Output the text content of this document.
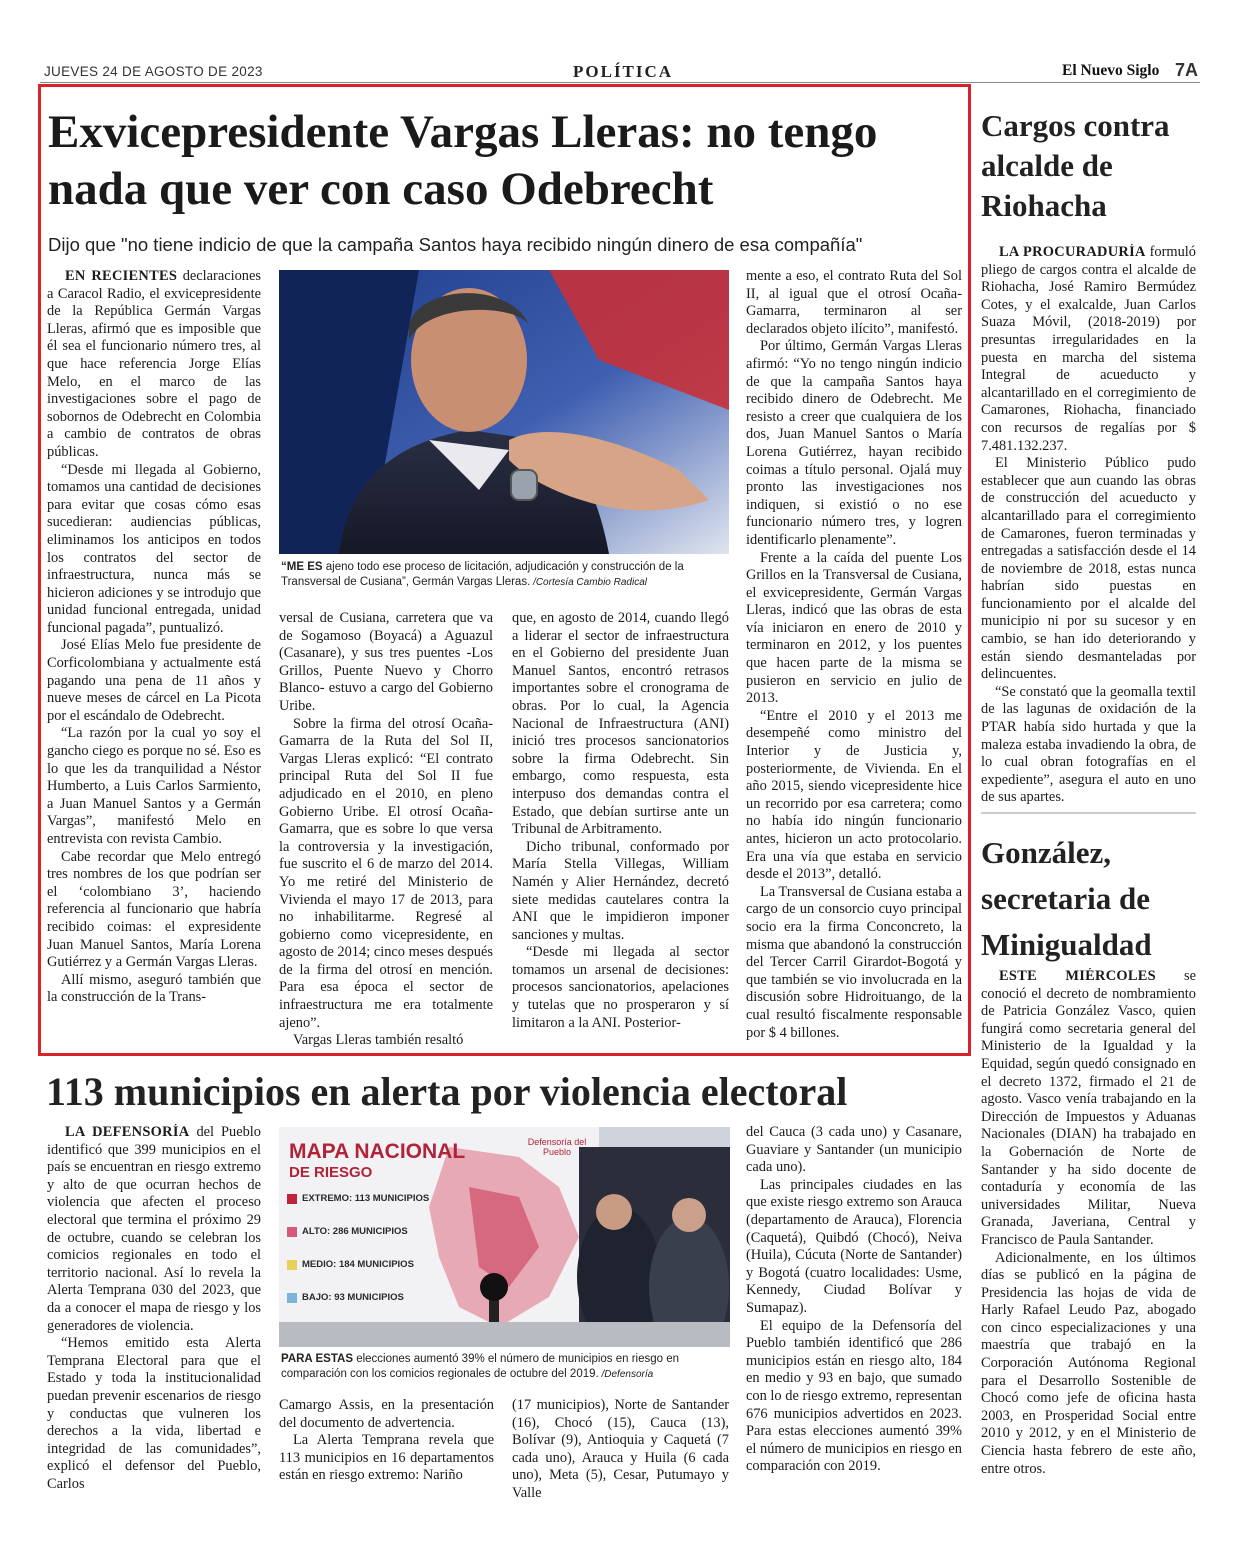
JUEVES 24 DE AGOSTO DE 2023	POLÍTICA	El Nuevo Siglo 7A
Exvicepresidente Vargas Lleras: no tengo nada que ver con caso Odebrecht
Dijo que "no tiene indicio de que la campaña Santos haya recibido ningún dinero de esa compañía"

EN RECIENTES declaraciones a Caracol Radio, el exvicepresidente de la República Germán Vargas Lleras, afirmó que es imposible que él sea el funcionario número tres, al que hace referencia Jorge Elías Melo, en el marco de las investigaciones sobre el pago de sobornos de Odebrecht en Colombia a cambio de contratos de obras públicas.

“Desde mi llegada al Gobierno, tomamos una cantidad de decisiones para evitar que cosas cómo esas sucedieran: audiencias públicas, eliminamos los anticipos en todos los contratos del sector de infraestructura, nunca más se hicieron adiciones y se introdujo que unidad funcional entregada, unidad funcional pagada”, puntualizó.

José Elías Melo fue presidente de Corficolombiana y actualmente está pagando una pena de 11 años y nueve meses de cárcel en La Picota por el escándalo de Odebrecht.

“La razón por la cual yo soy el gancho ciego es porque no sé. Eso es lo que les da tranquilidad a Néstor Humberto, a Luis Carlos Sarmiento, a Juan Manuel Santos y a Germán Vargas”, manifestó Melo en entrevista con revista Cambio.

Cabe recordar que Melo entregó tres nombres de los que podrían ser el ‘colombiano 3’, haciendo referencia al funcionario que habría recibido coimas: el expresidente Juan Manuel Santos, María Lorena Gutiérrez y a Germán Vargas Lleras.

Allí mismo, aseguró también que la construcción de la Trans-

“ME ES ajeno todo ese proceso de licitación, adjudicación y construcción de la Transversal de Cusiana”, Germán Vargas Lleras. /Cortesía Cambio Radical

versal de Cusiana, carretera que va de Sogamoso (Boyacá) a Aguazul (Casanare), y sus tres puentes -Los Grillos, Puente Nuevo y Chorro Blanco- estuvo a cargo del Gobierno Uribe.

Sobre la firma del otrosí Ocaña-Gamarra de la Ruta del Sol II, Vargas Lleras explicó: “El contrato principal Ruta del Sol II fue adjudicado en el 2010, en pleno Gobierno Uribe. El otrosí Ocaña-Gamarra, que es sobre lo que versa la controversia y la investigación, fue suscrito el 6 de marzo del 2014. Yo me retiré del Ministerio de Vivienda el mayo 17 de 2013, para no inhabilitarme. Regresé al gobierno como vicepresidente, en agosto de 2014; cinco meses después de la firma del otrosí en mención. Para esa época el sector de infraestructura me era totalmente ajeno”.

Vargas Lleras también resaltó

que, en agosto de 2014, cuando llegó a liderar el sector de infraestructura en el Gobierno del presidente Juan Manuel Santos, encontró retrasos importantes sobre el cronograma de obras. Por lo cual, la Agencia Nacional de Infraestructura (ANI) inició tres procesos sancionatorios sobre la firma Odebrecht. Sin embargo, como respuesta, esta interpuso dos demandas contra el Estado, que debían surtirse ante un Tribunal de Arbitramento.

Dicho tribunal, conformado por María Stella Villegas, William Namén y Alier Hernández, decretó siete medidas cautelares contra la ANI que le impidieron imponer sanciones y multas.

“Desde mi llegada al sector tomamos un arsenal de decisiones: procesos sancionatorios, apelaciones y tutelas que no prosperaron y sí limitaron a la ANI. Posterior-

mente a eso, el contrato Ruta del Sol II, al igual que el otrosí Ocaña-Gamarra, terminaron al ser declarados objeto ilícito”, manifestó.

Por último, Germán Vargas Lleras afirmó: “Yo no tengo ningún indicio de que la campaña Santos haya recibido dinero de Odebrecht. Me resisto a creer que cualquiera de los dos, Juan Manuel Santos o María Lorena Gutiérrez, hayan recibido coimas a título personal. Ojalá muy pronto las investigaciones nos indiquen, si existió o no ese funcionario número tres, y logren identificarlo plenamente”.

Frente a la caída del puente Los Grillos en la Transversal de Cusiana, el exvicepresidente, Germán Vargas Lleras, indicó que las obras de esta vía iniciaron en enero de 2010 y terminaron en 2012, y los puentes que hacen parte de la misma se pusieron en servicio en julio de 2013.

“Entre el 2010 y el 2013 me desempeñé como ministro del Interior y de Justicia y, posteriormente, de Vivienda. En el año 2015, siendo vicepresidente hice un recorrido por esa carretera; como no había ido ningún funcionario antes, hicieron un acto protocolario. Era una vía que estaba en servicio desde el 2013”, detalló.

La Transversal de Cusiana estaba a cargo de un consorcio cuyo principal socio era la firma Conconcreto, la misma que abandonó la construcción del Tercer Carril Girardot-Bogotá y que también se vio involucrada en la discusión sobre Hidroituango, de la cual resultó fiscalmente responsable por $ 4 billones.

Cargos contra alcalde de Riohacha

LA PROCURADURÍA formuló pliego de cargos contra el alcalde de Riohacha, José Ramiro Bermúdez Cotes, y el exalcalde, Juan Carlos Suaza Móvil, (2018-2019) por presuntas irregularidades en la puesta en marcha del sistema Integral de acueducto y alcantarillado en el corregimiento de Camarones, Riohacha, financiado con recursos de regalías por $ 7.481.132.237.

El Ministerio Público pudo establecer que aun cuando las obras de construcción del acueducto y alcantarillado para el corregimiento de Camarones, fueron terminadas y entregadas a satisfacción desde el 14 de noviembre de 2018, estas nunca habrían sido puestas en funcionamiento por el alcalde del municipio ni por su sucesor y en cambio, se han ido deteriorando y están siendo desmanteladas por delincuentes.

“Se constató que la geomalla textil de las lagunas de oxidación de la PTAR había sido hurtada y que la maleza estaba invadiendo la obra, de lo cual obran fotografías en el expediente”, asegura el auto en uno de sus apartes.

González, secretaria de Minigualdad

ESTE MIÉRCOLES se conoció el decreto de nombramiento de Patricia González Vasco, quien fungirá como secretaria general del Ministerio de la Igualdad y la Equidad, según quedó consignado en el decreto 1372, firmado el 21 de agosto. Vasco venía trabajando en la Dirección de Impuestos y Aduanas Nacionales (DIAN) ha trabajado en la Gobernación de Norte de Santander y ha sido docente de contaduría y economía de las universidades Militar, Nueva Granada, Javeriana, Central y Francisco de Paula Santander.

Adicionalmente, en los últimos días se publicó en la página de Presidencia las hojas de vida de Harly Rafael Leudo Paz, abogado con cinco especializaciones y una maestría que trabajó en la Corporación Autónoma Regional para el Desarrollo Sostenible de Chocó como jefe de oficina hasta 2003, en Prosperidad Social entre 2010 y 2012, y en el Ministerio de Ciencia hasta febrero de este año, entre otros.

113 municipios en alerta por violencia electoral

LA DEFENSORÍA del Pueblo identificó que 399 municipios en el país se encuentran en riesgo extremo y alto de que ocurran hechos de violencia que afecten el proceso electoral que termina el próximo 29 de octubre, cuando se celebran los comicios regionales en todo el territorio nacional. Así lo revela la Alerta Temprana 030 del 2023, que da a conocer el mapa de riesgo y los generadores de violencia.

“Hemos emitido esta Alerta Temprana Electoral para que el Estado y toda la institucionalidad puedan prevenir escenarios de riesgo y conductas que vulneren los derechos a la vida, libertad e integridad de las comunidades”, explicó el defensor del Pueblo, Carlos

MAPA NACIONAL
DE RIESGO
Defensoría del Pueblo
EXTREMO: 113 MUNICIPIOS
ALTO: 286 MUNICIPIOS
MEDIO: 184 MUNICIPIOS
BAJO: 93 MUNICIPIOS
PARA ESTAS elecciones aumentó 39% el número de municipios en riesgo en comparación con los comicios regionales de octubre del 2019. /Defensoría

Camargo Assis, en la presentación del documento de advertencia.

La Alerta Temprana revela que 113 municipios en 16 departamentos están en riesgo extremo: Nariño

(17 municipios), Norte de Santander (16), Chocó (15), Cauca (13), Bolívar (9), Antioquia y Caquetá (7 cada uno), Arauca y Huila (6 cada uno), Meta (5), Cesar, Putumayo y Valle

del Cauca (3 cada uno) y Casanare, Guaviare y Santander (un municipio cada uno).

Las principales ciudades en las que existe riesgo extremo son Arauca (departamento de Arauca), Florencia (Caquetá), Quibdó (Chocó), Neiva (Huila), Cúcuta (Norte de Santander) y Bogotá (cuatro localidades: Usme, Kennedy, Ciudad Bolívar y Sumapaz).

El equipo de la Defensoría del Pueblo también identificó que 286 municipios están en riesgo alto, 184 en medio y 93 en bajo, que sumado con lo de riesgo extremo, representan 676 municipios advertidos en 2023. Para estas elecciones aumentó 39% el número de municipios en riesgo en comparación con 2019.
